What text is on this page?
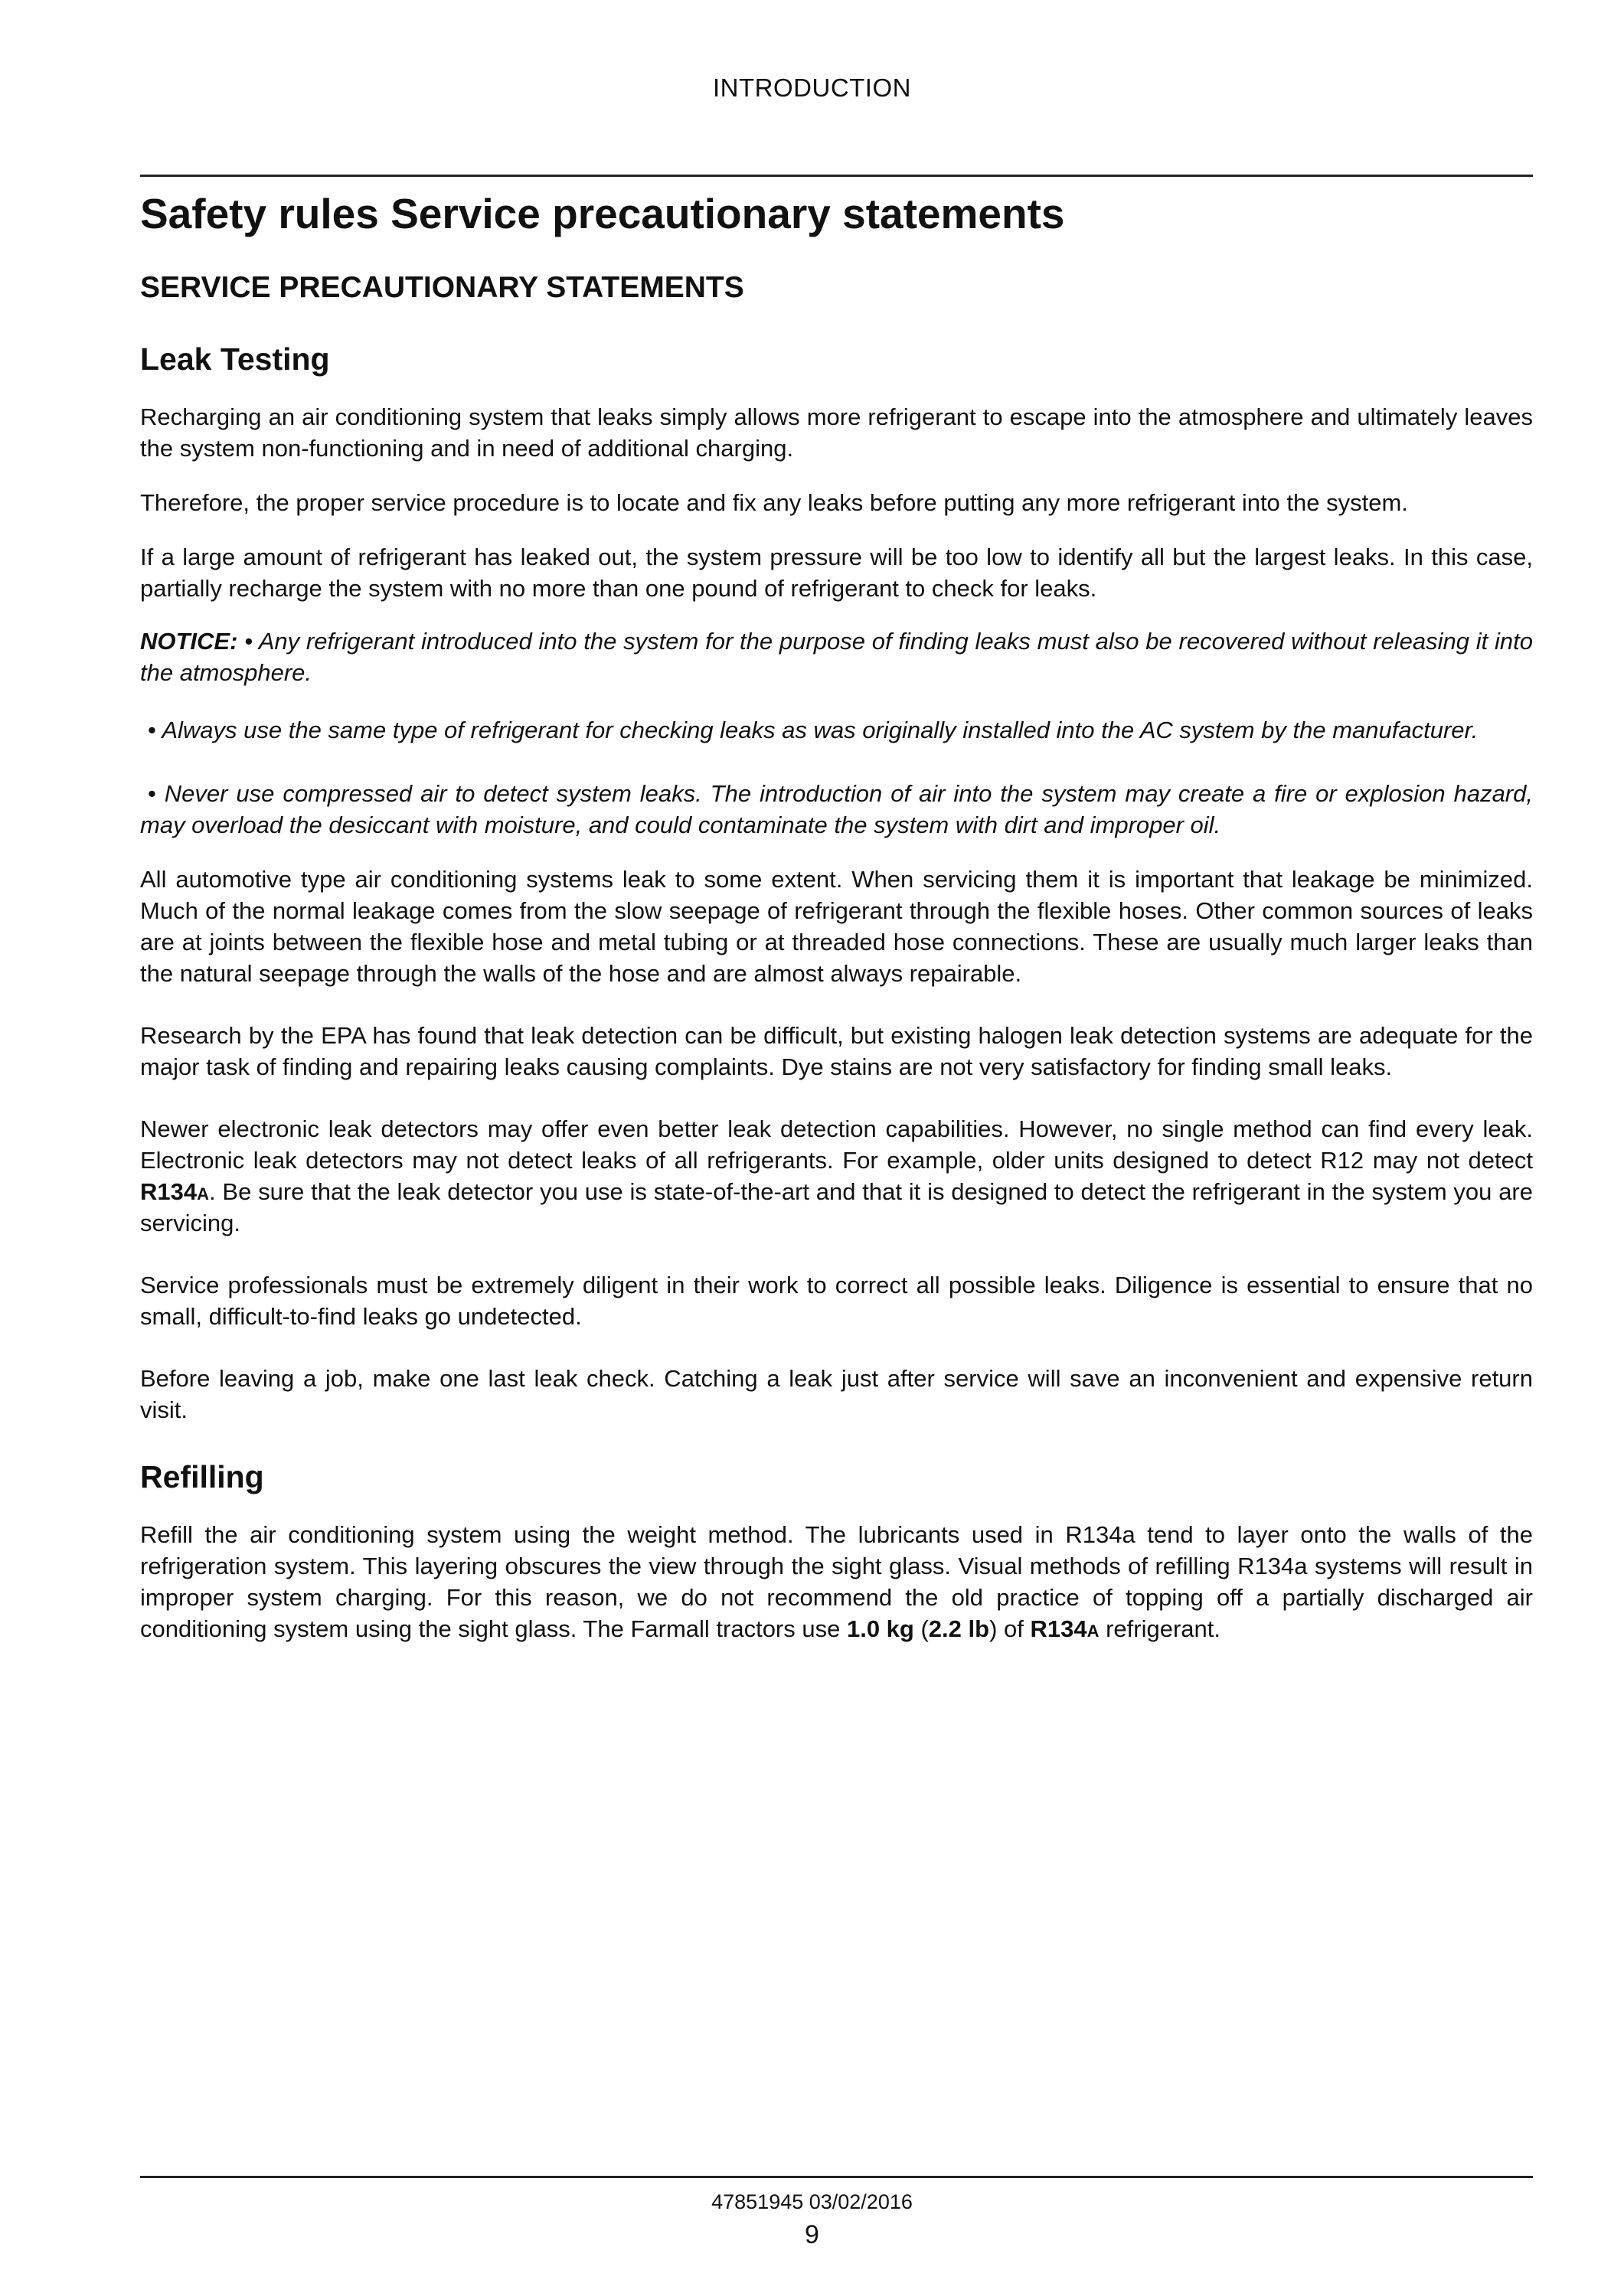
INTRODUCTION
Safety rules Service precautionary statements
SERVICE PRECAUTIONARY STATEMENTS
Leak Testing

Recharging an air conditioning system that leaks simply allows more refrigerant to escape into the atmosphere and ultimately leaves the system non-functioning and in need of additional charging.

Therefore, the proper service procedure is to locate and fix any leaks before putting any more refrigerant into the system.

If a large amount of refrigerant has leaked out, the system pressure will be too low to identify all but the largest leaks. In this case, partially recharge the system with no more than one pound of refrigerant to check for leaks.

NOTICE: • Any refrigerant introduced into the system for the purpose of finding leaks must also be recovered without releasing it into the atmosphere.

• Always use the same type of refrigerant for checking leaks as was originally installed into the AC system by the manufacturer.

• Never use compressed air to detect system leaks. The introduction of air into the system may create a fire or explosion hazard, may overload the desiccant with moisture, and could contaminate the system with dirt and improper oil.

All automotive type air conditioning systems leak to some extent. When servicing them it is important that leakage be minimized. Much of the normal leakage comes from the slow seepage of refrigerant through the flexible hoses. Other common sources of leaks are at joints between the flexible hose and metal tubing or at threaded hose connections. These are usually much larger leaks than the natural seepage through the walls of the hose and are almost always repairable.

Research by the EPA has found that leak detection can be difficult, but existing halogen leak detection systems are adequate for the major task of finding and repairing leaks causing complaints. Dye stains are not very satisfactory for finding small leaks.

Newer electronic leak detectors may offer even better leak detection capabilities. However, no single method can find every leak. Electronic leak detectors may not detect leaks of all refrigerants. For example, older units designed to detect R12 may not detect R134a. Be sure that the leak detector you use is state-of-the-art and that it is designed to detect the refrigerant in the system you are servicing.

Service professionals must be extremely diligent in their work to correct all possible leaks. Diligence is essential to ensure that no small, difficult-to-find leaks go undetected.

Before leaving a job, make one last leak check. Catching a leak just after service will save an inconvenient and expensive return visit.

Refilling

Refill the air conditioning system using the weight method. The lubricants used in R134a tend to layer onto the walls of the refrigeration system. This layering obscures the view through the sight glass. Visual methods of refilling R134a systems will result in improper system charging. For this reason, we do not recommend the old practice of topping off a partially discharged air conditioning system using the sight glass. The Farmall tractors use 1.0 kg (2.2 lb) of R134a refrigerant.

47851945 03/02/2016
9
